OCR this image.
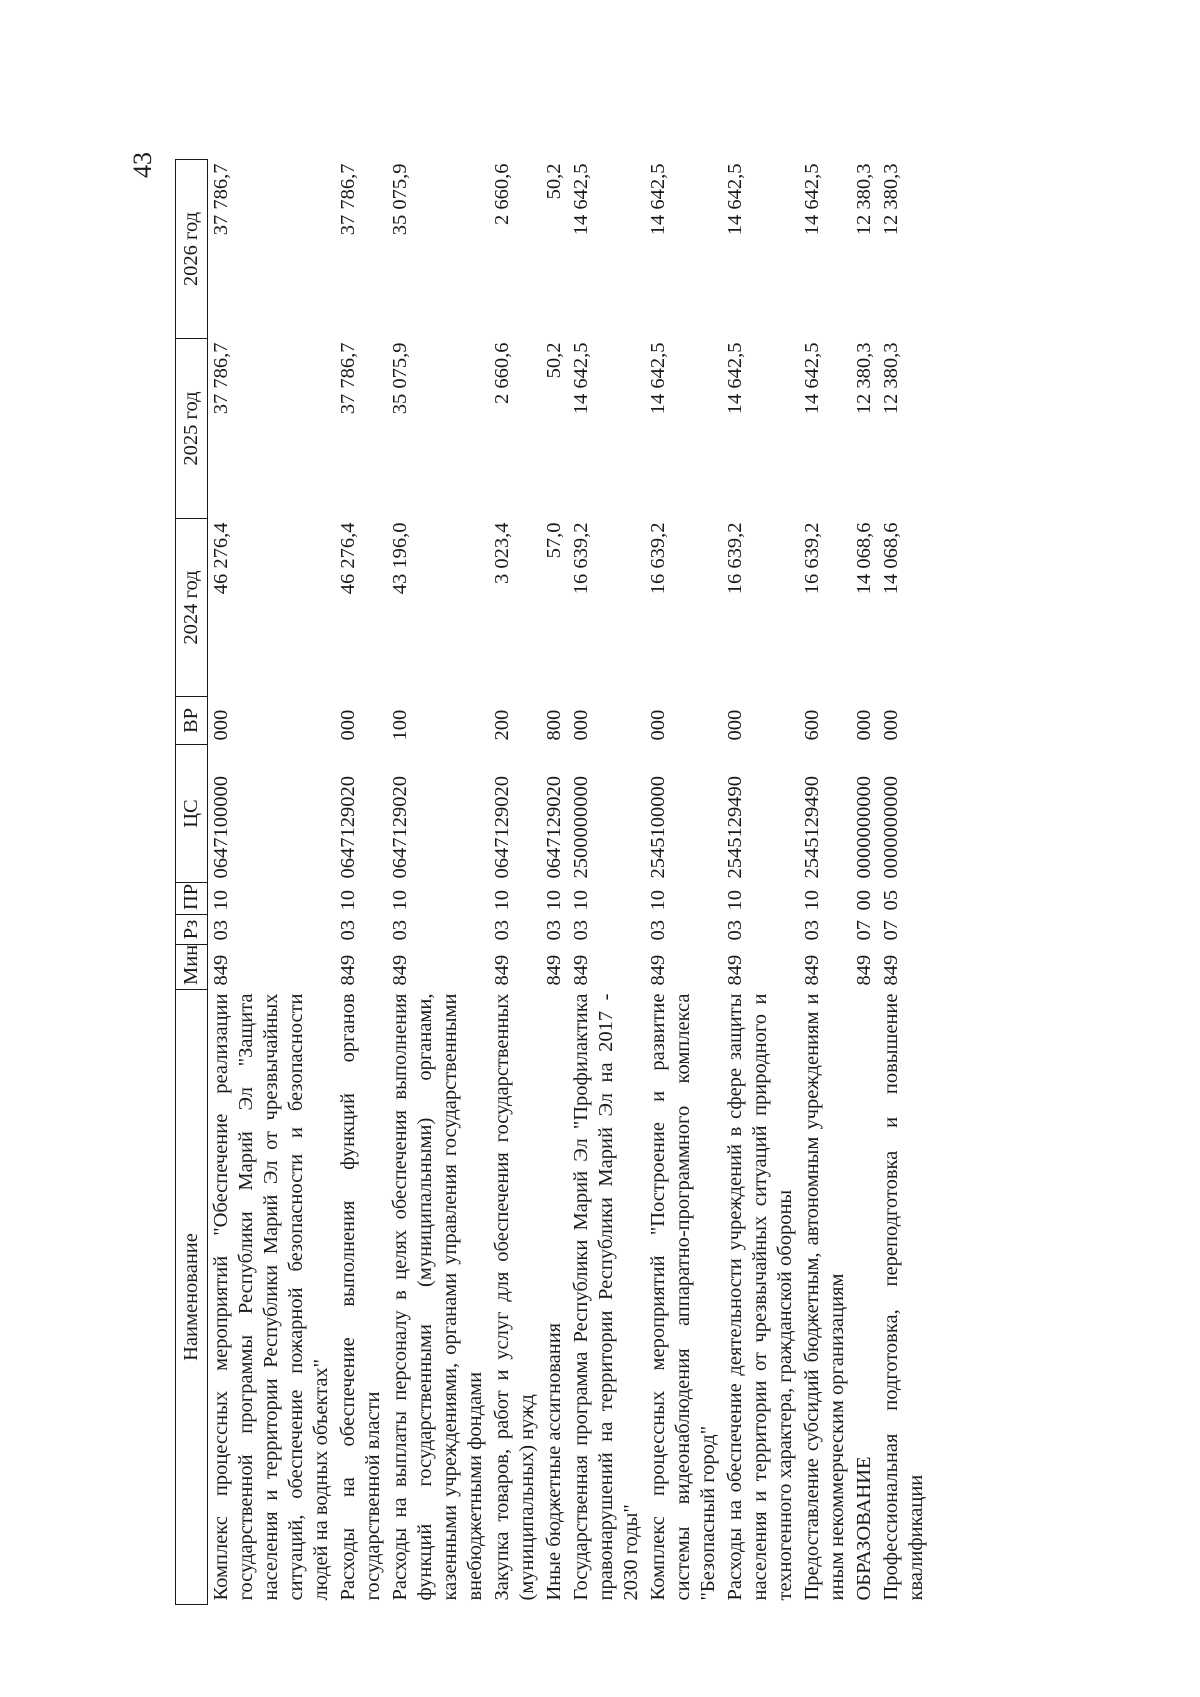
43
Наименование	Мин	Рз	ПР	ЦС	ВР	2024 год	2025 год	2026 год
Комплекс процессных мероприятий "Обеспечение реализации государственной программы Республики Марий Эл "Защита населения и территории Республики Марий Эл от чрезвычайных ситуаций, обеспечение пожарной безопасности и безопасности людей на водных объектах"	849	03	10	0647100000	000	46 276,4	37 786,7	37 786,7
Расходы на обеспечение выполнения функций органов государственной власти	849	03	10	0647129020	000	46 276,4	37 786,7	37 786,7
Расходы на выплаты персоналу в целях обеспечения выполнения функций государственными (муниципальными) органами, казенными учреждениями, органами управления государственными внебюджетными фондами	849	03	10	0647129020	100	43 196,0	35 075,9	35 075,9
Закупка товаров, работ и услуг для обеспечения государственных (муниципальных) нужд	849	03	10	0647129020	200	3 023,4	2 660,6	2 660,6
Иные бюджетные ассигнования	849	03	10	0647129020	800	57,0	50,2	50,2
Государственная программа Республики Марий Эл "Профилактика правонарушений на территории Республики Марий Эл на 2017 - 2030 годы"	849	03	10	2500000000	000	16 639,2	14 642,5	14 642,5
Комплекс процессных мероприятий "Построение и развитие системы видеонаблюдения аппаратно-программного комплекса "Безопасный город"	849	03	10	2545100000	000	16 639,2	14 642,5	14 642,5
Расходы на обеспечение деятельности учреждений в сфере защиты населения и территории от чрезвычайных ситуаций природного и техногенного характера, гражданской обороны	849	03	10	2545129490	000	16 639,2	14 642,5	14 642,5
Предоставление субсидий бюджетным, автономным учреждениям и иным некоммерческим организациям	849	03	10	2545129490	600	16 639,2	14 642,5	14 642,5
ОБРАЗОВАНИЕ	849	07	00	0000000000	000	14 068,6	12 380,3	12 380,3
Профессиональная подготовка, переподготовка и повышение квалификации	849	07	05	0000000000	000	14 068,6	12 380,3	12 380,3
